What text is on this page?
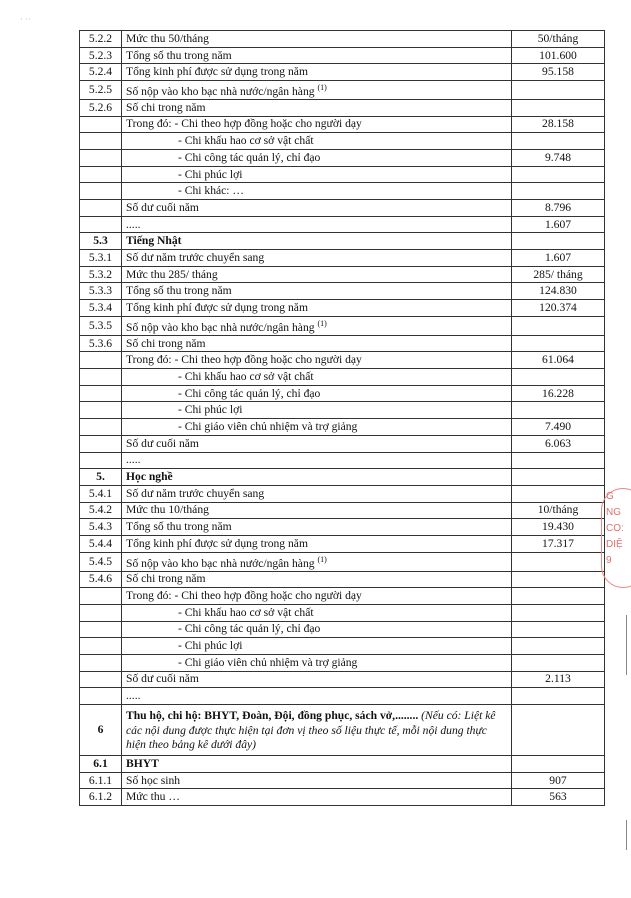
· ··
5.2.2	Mức thu 50/tháng	50/tháng
5.2.3	Tổng số thu trong năm	101.600
5.2.4	Tổng kinh phí được sử dụng trong năm	95.158
5.2.5	Số nộp vào kho bạc nhà nước/ngân hàng $^{(1)}$	
5.2.6	Số chi trong năm	
	Trong đó: - Chi theo hợp đồng hoặc cho người dạy	28.158
	- Chi khấu hao cơ sở vật chất	
	- Chi công tác quản lý, chỉ đạo	9.748
	- Chi phúc lợi	
	- Chi khác: …	
	Số dư cuối năm	8.796
	.....	1.607
5.3	Tiếng Nhật	
5.3.1	Số dư năm trước chuyển sang	1.607
5.3.2	Mức thu 285/ tháng	285/ tháng
5.3.3	Tổng số thu trong năm	124.830
5.3.4	Tổng kinh phí được sử dụng trong năm	120.374
5.3.5	Số nộp vào kho bạc nhà nước/ngân hàng $^{(1)}$	
5.3.6	Số chi trong năm	
	Trong đó: - Chi theo hợp đồng hoặc cho người dạy	61.064
	- Chi khấu hao cơ sở vật chất	
	- Chi công tác quản lý, chỉ đạo	16.228
	- Chi phúc lợi	
	- Chi giáo viên chủ nhiệm và trợ giảng	7.490
	Số dư cuối năm	6.063
	.....	
5.	Học nghề	
5.4.1	Số dư năm trước chuyển sang	
5.4.2	Mức thu 10/tháng	10/tháng
5.4.3	Tổng số thu trong năm	19.430
5.4.4	Tổng kinh phí được sử dụng trong năm	17.317
5.4.5	Số nộp vào kho bạc nhà nước/ngân hàng $^{(1)}$	
5.4.6	Số chi trong năm	
	Trong đó: - Chi theo hợp đồng hoặc cho người dạy	
	- Chi khấu hao cơ sở vật chất	
	- Chi công tác quản lý, chỉ đạo	
	- Chi phúc lợi	
	- Chi giáo viên chủ nhiệm và trợ giảng	
	Số dư cuối năm	2.113
	.....	
6	Thu hộ, chi hộ: BHYT, Đoàn, Đội, đồng phục, sách vở,........ (Nếu có: Liệt kê các nội dung được thực hiện tại đơn vị theo số liệu thực tế, mỗi nội dung thực hiện theo bảng kê dưới đây)	
6.1	BHYT	
6.1.1	Số học sinh	907
6.1.2	Mức thu …	563
G
NG
CO:
DIỆ
9
